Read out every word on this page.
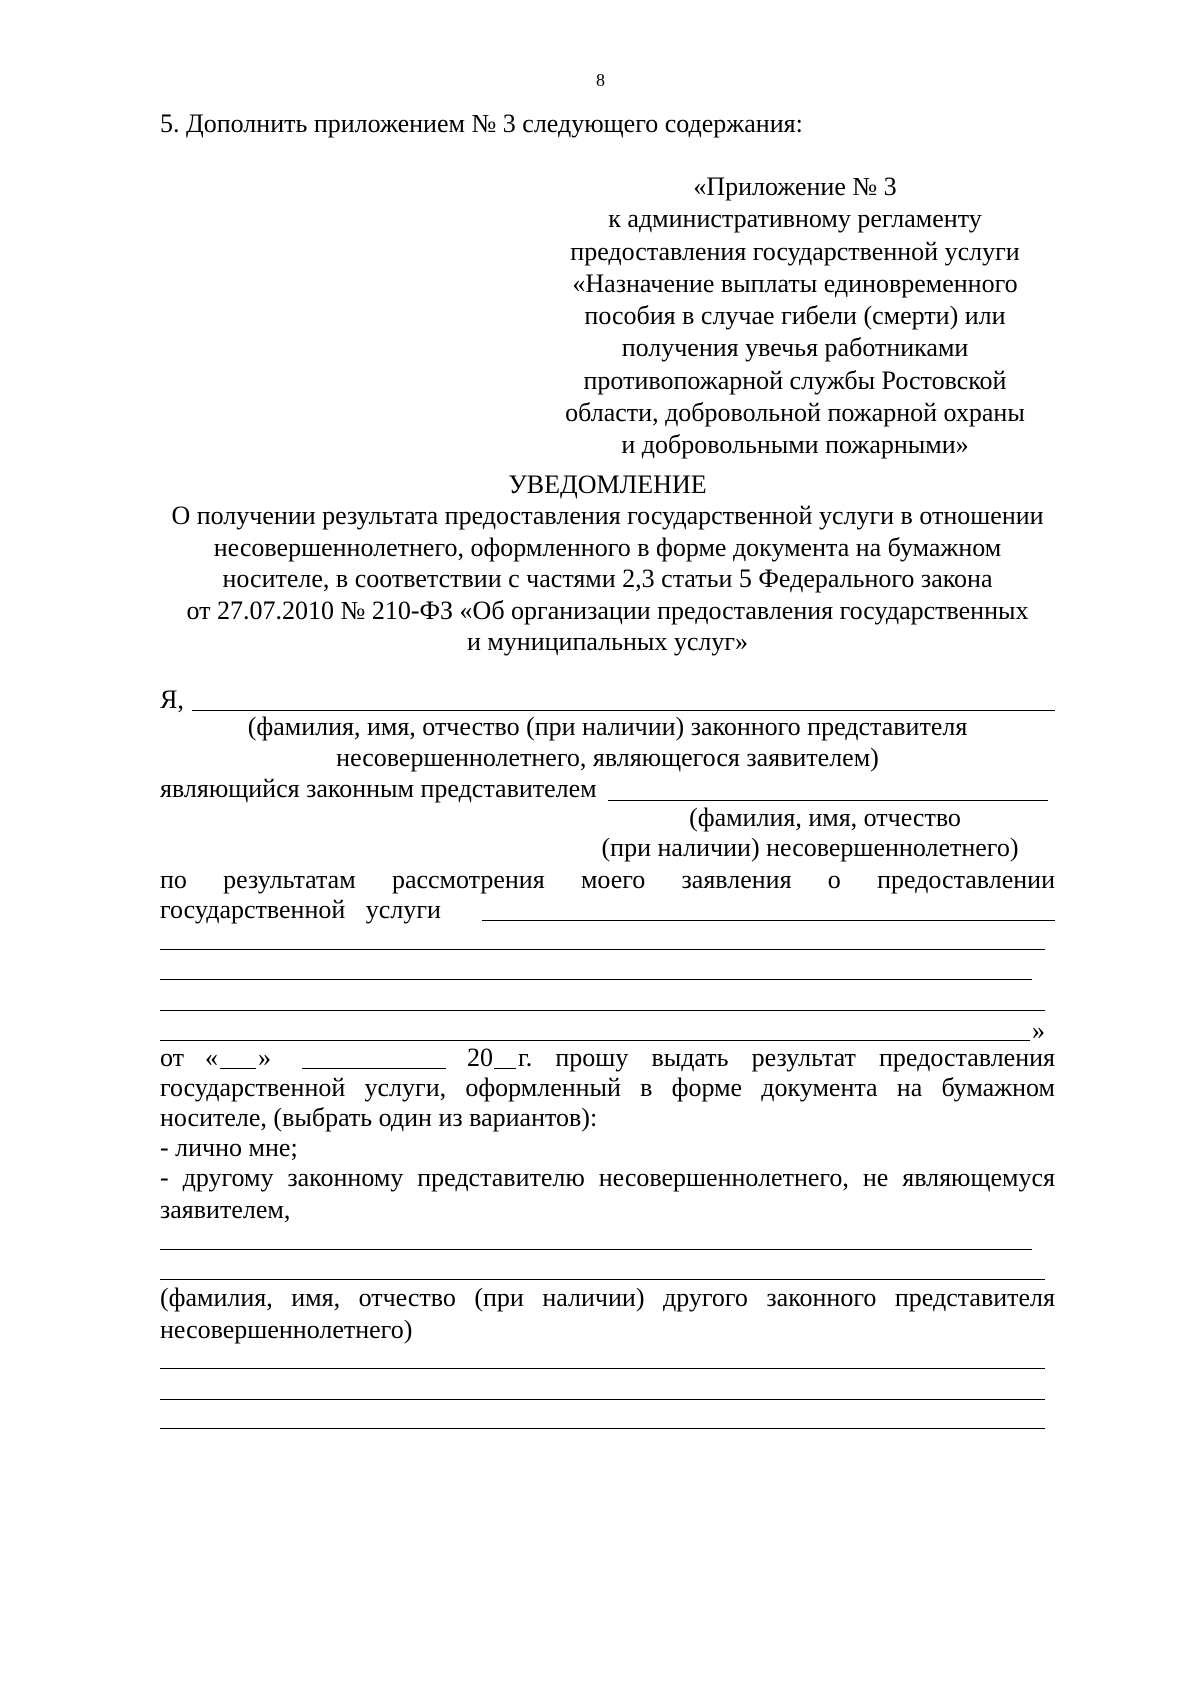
8
5. Дополнить приложением № 3 следующего содержания:
«Приложение № 3
к административному регламенту
предоставления государственной услуги
«Назначение выплаты единовременного
пособия в случае гибели (смерти) или
получения увечья работниками
противопожарной службы Ростовской
области, добровольной пожарной охраны
и добровольными пожарными»
УВЕДОМЛЕНИЕ
О получении результата предоставления государственной услуги в отношении
несовершеннолетнего, оформленного в форме документа на бумажном
носителе, в соответствии с частями 2,3 статьи 5 Федерального закона
от 27.07.2010 № 210-ФЗ «Об организации предоставления государственных
и муниципальных услуг»
Я,
(фамилия, имя, отчество (при наличии) законного представителя
несовершеннолетнего, являющегося заявителем)
являющийся законным представителем
(фамилия, имя, отчество
(при наличии) несовершеннолетнего)
по результатам рассмотрения моего заявления о предоставлении
государственной услуги
»
от « »	20 г. прошу выдать результат предоставления
государственной услуги, оформленный в форме документа на бумажном
носителе, (выбрать один из вариантов):
- лично мне;
- другому законному представителю несовершеннолетнего, не являющемуся заявителем,
(фамилия, имя, отчество (при наличии) другого законного представителя несовершеннолетнего)
